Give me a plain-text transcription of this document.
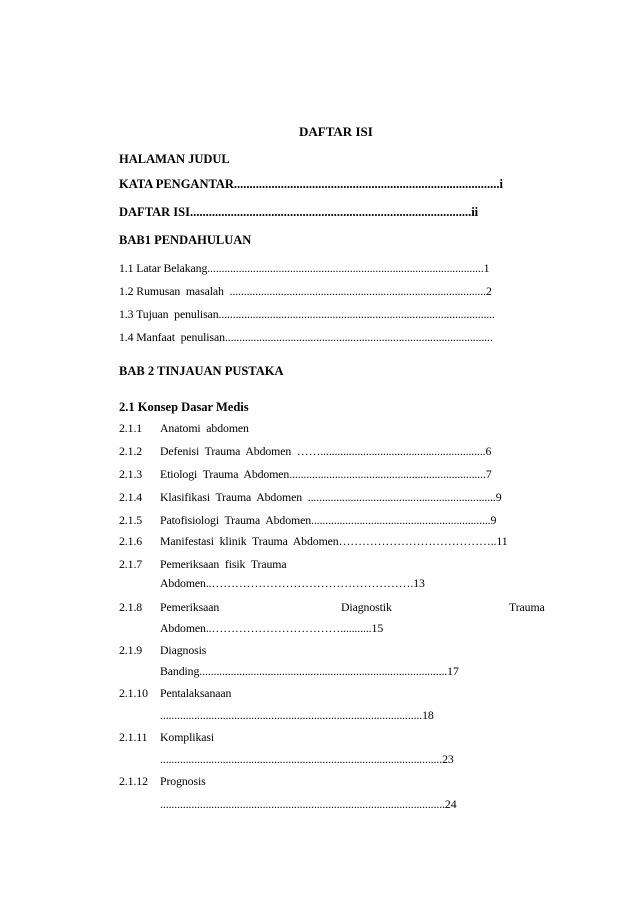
DAFTAR ISI
HALAMAN JUDUL
KATA PENGANTAR.....................................................................................i
DAFTAR ISI..........................................................................................ii
BAB1 PENDAHULUAN
1.1 Latar Belakang.................................................................................................1
1.2 Rumusan  masalah  ..........................................................................................2
1.3 Tujuan  penulisan.................................................................................................
1.4 Manfaat  penulisan..............................................................................................
BAB 2 TINJAUAN PUSTAKA
2.1 Konsep Dasar Medis
2.1.1 Anatomi  abdomen
2.1.2 Defenisi  Trauma  Abdomen  ……..........................................................6
2.1.3 Etiologi  Trauma  Abdomen.....................................................................7
2.1.4 Klasifikasi  Trauma  Abdomen  ..................................................................9
2.1.5 Patofisiologi  Trauma  Abdomen...............................................................9
2.1.6 Manifestasi  klinik  Trauma  Abdomen…………………………………..11
2.1.7 Pemeriksaan  fisik  Trauma
Abdomen..…………………………………………….13
2.1.8 Pemeriksaan	Diagnostik	Trauma
Abdomen..……………………………...........15
2.1.9 Diagnosis
Banding.......................................................................................17
2.1.10 Pentalaksanaan
............................................................................................18
2.1.11 Komplikasi
...................................................................................................23
2.1.12 Prognosis
....................................................................................................24
